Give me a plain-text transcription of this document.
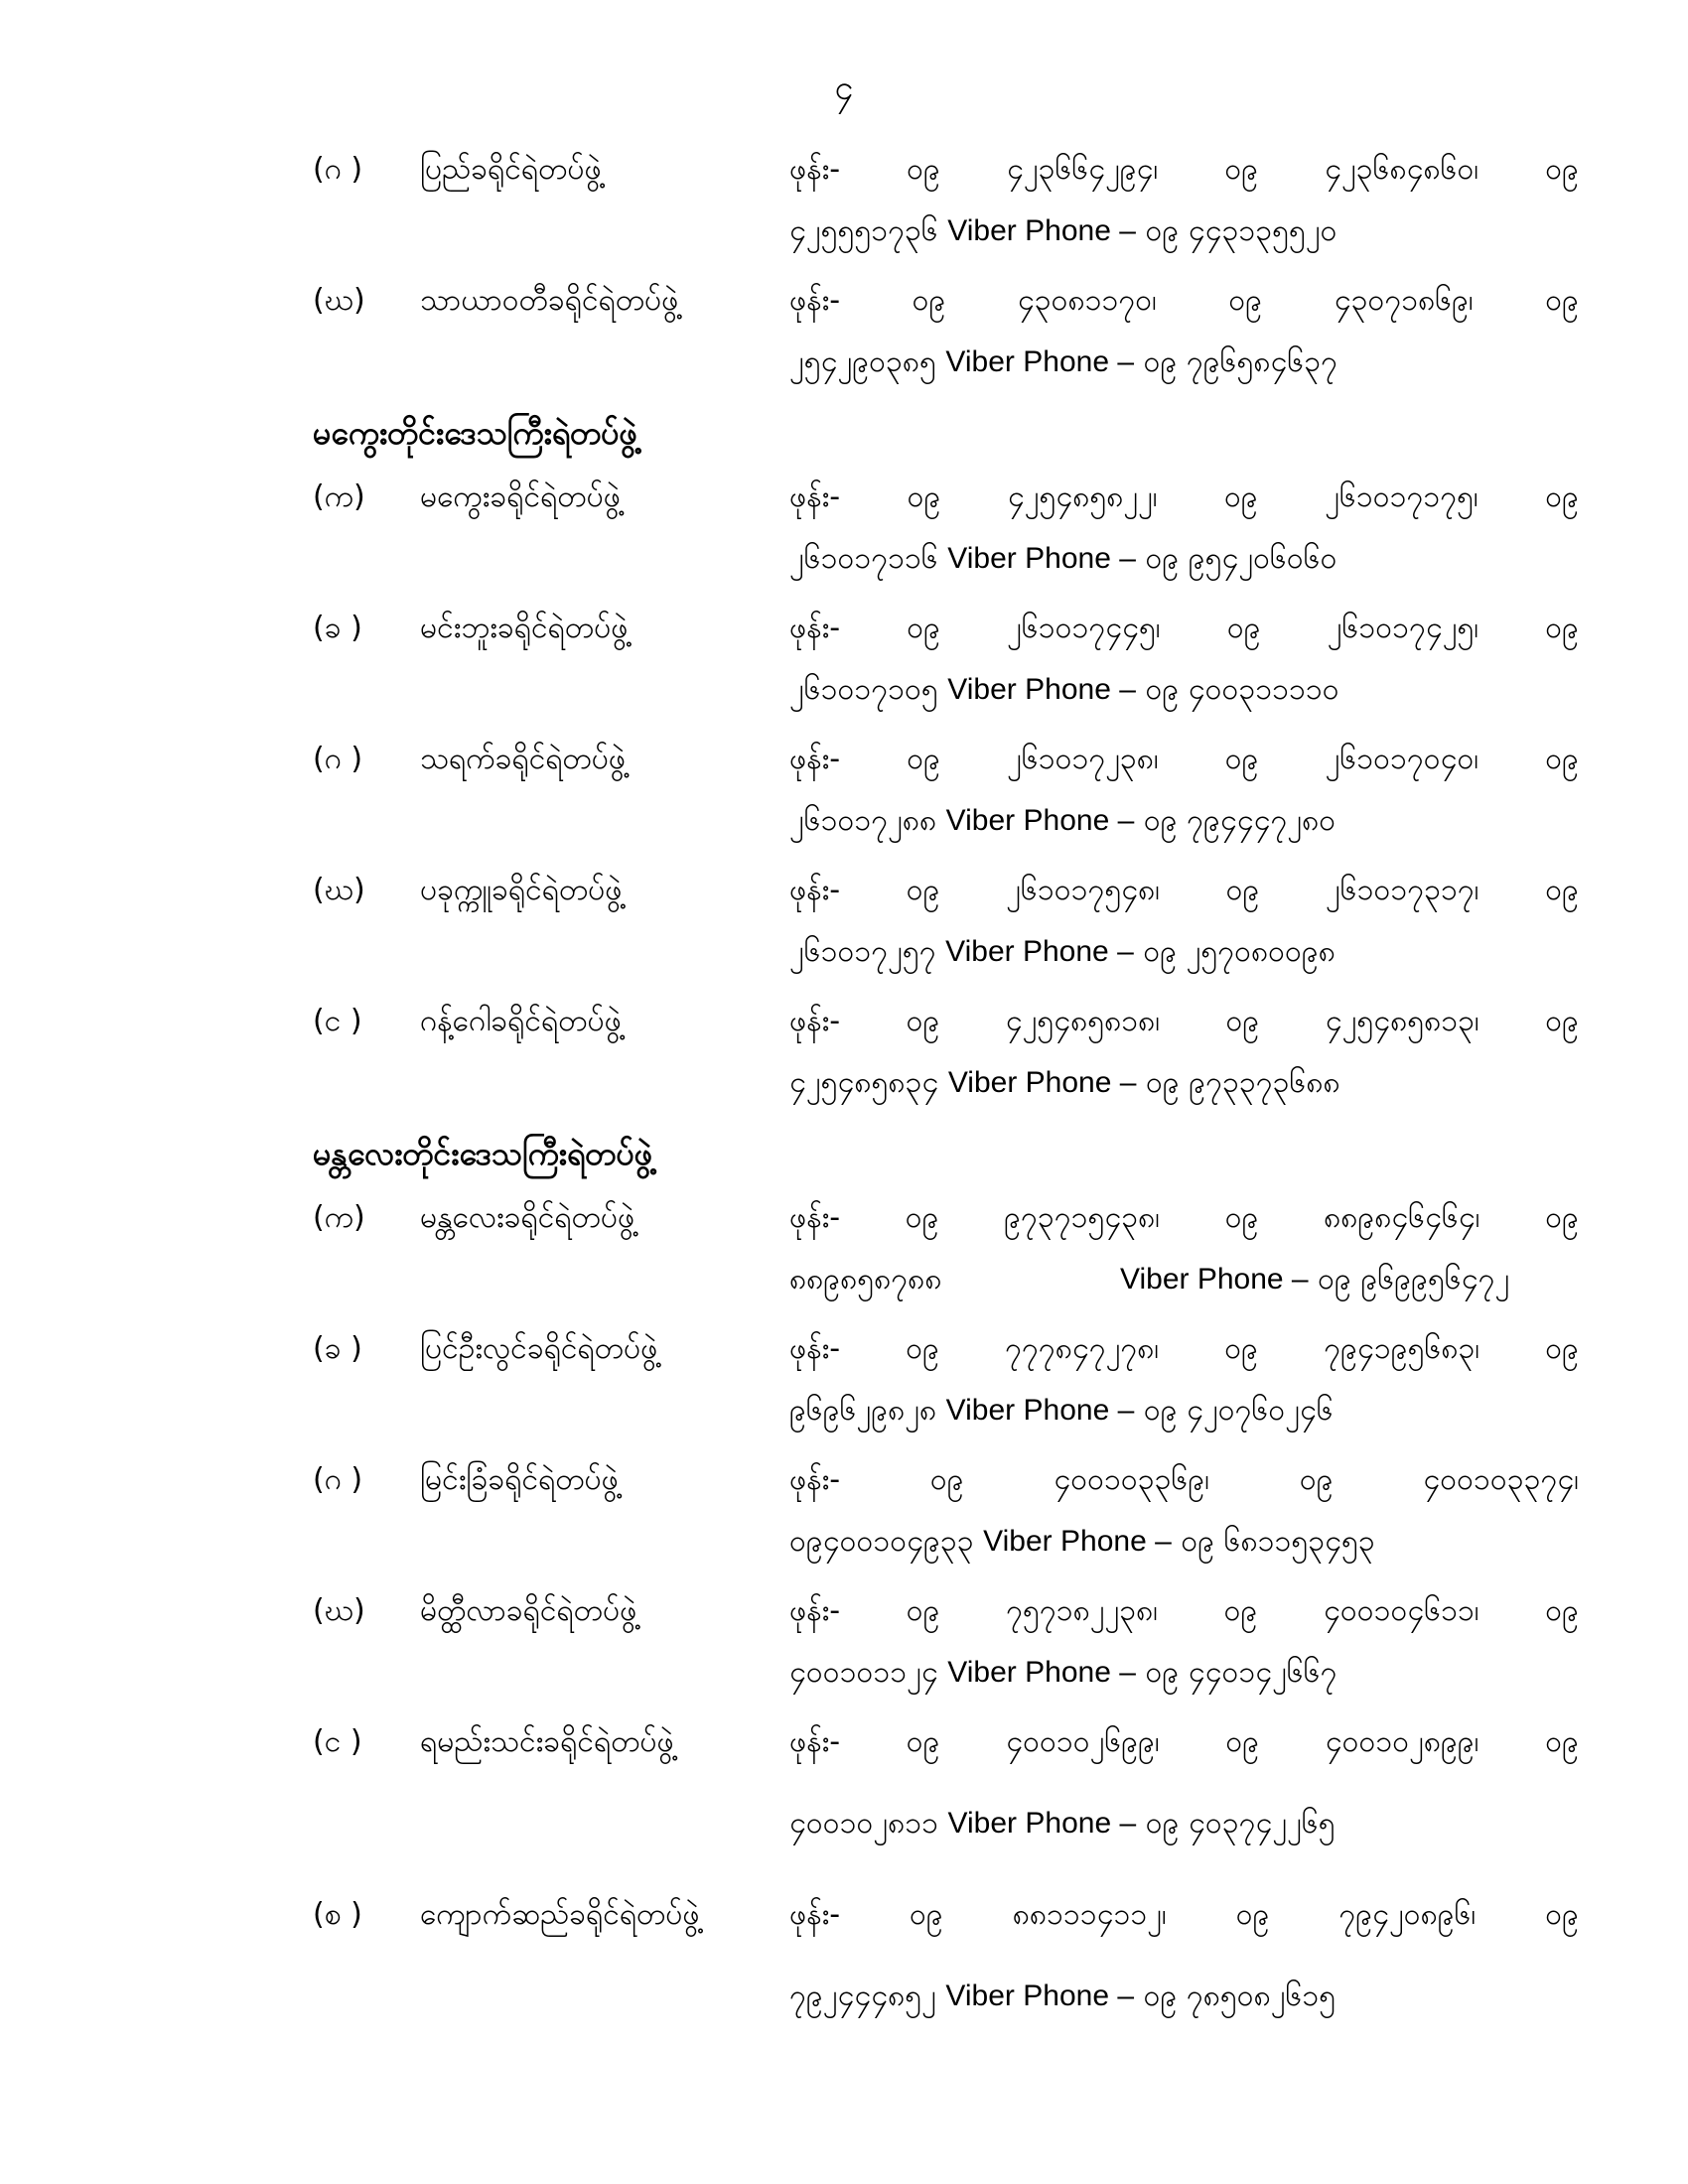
၄
(ဂ )	ပြည်ခရိုင်ရဲတပ်ဖွဲ့	ဖုန်း- ၀၉ ၄၂၃၆၆၄၂၉၄၊ ၀၉ ၄၂၃၆၈၄၈၆၀၊ ၀၉
၄၂၅၅၅၁၇၃၆ Viber Phone – ၀၉ ၄၄၃၁၃၅၅၂၀
(ဃ)	သာယာဝတီခရိုင်ရဲတပ်ဖွဲ့	ဖုန်း- ၀၉ ၄၃၀၈၁၁၇၀၊ ၀၉ ၄၃၀၇၁၈၆၉၊ ၀၉
၂၅၄၂၉၀၃၈၅ Viber Phone – ၀၉ ၇၉၆၅၈၄၆၃၇
မကွေးတိုင်းဒေသကြီးရဲတပ်ဖွဲ့
(က)	မကွေးခရိုင်ရဲတပ်ဖွဲ့	ဖုန်း- ၀၉ ၄၂၅၄၈၅၈၂၂၊ ၀၉ ၂၆၁၀၁၇၁၇၅၊ ၀၉
၂၆၁၀၁၇၁၁၆ Viber Phone – ၀၉ ၉၅၄၂၀၆၀၆၀
(ခ )	မင်းဘူးခရိုင်ရဲတပ်ဖွဲ့	ဖုန်း- ၀၉ ၂၆၁၀၁၇၄၄၅၊ ၀၉ ၂၆၁၀၁၇၄၂၅၊ ၀၉
၂၆၁၀၁၇၁၀၅ Viber Phone – ၀၉ ၄၀၀၃၁၁၁၁၀
(ဂ )	သရက်ခရိုင်ရဲတပ်ဖွဲ့	ဖုန်း- ၀၉ ၂၆၁၀၁၇၂၃၈၊ ၀၉ ၂၆၁၀၁၇၀၄၀၊ ၀၉
၂၆၁၀၁၇၂၈၈ Viber Phone – ၀၉ ၇၉၄၄၄၇၂၈၀
(ဃ)	ပခုက္ကူခရိုင်ရဲတပ်ဖွဲ့	ဖုန်း- ၀၉ ၂၆၁၀၁၇၅၄၈၊ ၀၉ ၂၆၁၀၁၇၃၁၇၊ ၀၉
၂၆၁၀၁၇၂၅၇ Viber Phone – ၀၉ ၂၅၇၀၈၀၀၉၈
(င )	ဂန့်ဂေါခရိုင်ရဲတပ်ဖွဲ့	ဖုန်း- ၀၉ ၄၂၅၄၈၅၈၁၈၊ ၀၉ ၄၂၅၄၈၅၈၁၃၊ ၀၉
၄၂၅၄၈၅၈၃၄ Viber Phone – ၀၉ ၉၇၃၃၇၃၆၈၈
မန္တလေးတိုင်းဒေသကြီးရဲတပ်ဖွဲ့
(က)	မန္တလေးခရိုင်ရဲတပ်ဖွဲ့	ဖုန်း- ၀၉ ၉၇၃၇၁၅၄၃၈၊ ၀၉ ၈၈၉၈၄၆၄၆၄၊ ၀၉
၈၈၉၈၅၈၇၈၈	Viber Phone – ၀၉ ၉၆၉၉၅၆၄၇၂
(ခ )	ပြင်ဦးလွင်ခရိုင်ရဲတပ်ဖွဲ့	ဖုန်း- ၀၉ ၇၇၇၈၄၇၂၇၈၊ ၀၉ ၇၉၄၁၉၅၆၈၃၊ ၀၉
၉၆၉၆၂၉၈၂၈ Viber Phone – ၀၉ ၄၂၀၇၆၀၂၄၆
(ဂ )	မြင်းခြံခရိုင်ရဲတပ်ဖွဲ့	ဖုန်း-	၀၉	၄၀၀၁၀၃၃၆၉၊	၀၉	၄၀၀၁၀၃၃၇၄၊
၀၉၄၀၀၁၀၄၉၃၃ Viber Phone – ၀၉ ၆၈၁၁၅၃၄၅၃
(ဃ)	မိတ္ထီလာခရိုင်ရဲတပ်ဖွဲ့	ဖုန်း- ၀၉ ၇၅၇၁၈၂၂၃၈၊ ၀၉ ၄၀၀၁၀၄၆၁၁၊ ၀၉
၄၀၀၁၀၁၁၂၄ Viber Phone – ၀၉ ၄၄၀၁၄၂၆၆၇
(င )	ရမည်းသင်းခရိုင်ရဲတပ်ဖွဲ့	ဖုန်း- ၀၉ ၄၀၀၁၀၂၆၉၉၊ ၀၉ ၄၀၀၁၀၂၈၉၉၊ ၀၉
၄၀၀၁၀၂၈၁၁ Viber Phone – ၀၉ ၄၀၃၇၄၂၂၆၅
(စ )	ကျောက်ဆည်ခရိုင်ရဲတပ်ဖွဲ့	ဖုန်း- ၀၉ ၈၈၁၁၁၄၁၁၂၊ ၀၉ ၇၉၄၂၀၈၉၆၊ ၀၉
၇၉၂၄၄၄၈၅၂ Viber Phone – ၀၉ ၇၈၅၀၈၂၆၁၅
